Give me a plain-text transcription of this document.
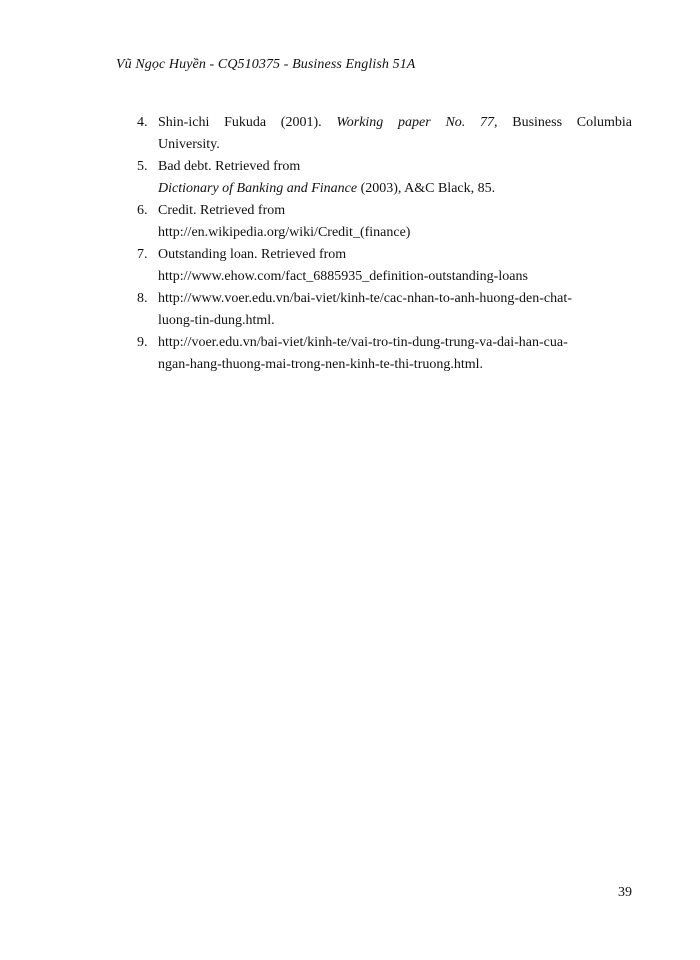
Vũ Ngọc Huyền - CQ510375 - Business English 51A
4. Shin-ichi Fukuda (2001). Working paper No. 77, Business Columbia
University.
5. Bad debt. Retrieved from
Dictionary of Banking and Finance (2003), A&C Black, 85.
6. Credit. Retrieved from
http://en.wikipedia.org/wiki/Credit_(finance)
7. Outstanding loan. Retrieved from
http://www.ehow.com/fact_6885935_definition-outstanding-loans
8. http://www.voer.edu.vn/bai-viet/kinh-te/cac-nhan-to-anh-huong-den-chat-
luong-tin-dung.html.
9. http://voer.edu.vn/bai-viet/kinh-te/vai-tro-tin-dung-trung-va-dai-han-cua-
ngan-hang-thuong-mai-trong-nen-kinh-te-thi-truong.html.
39
